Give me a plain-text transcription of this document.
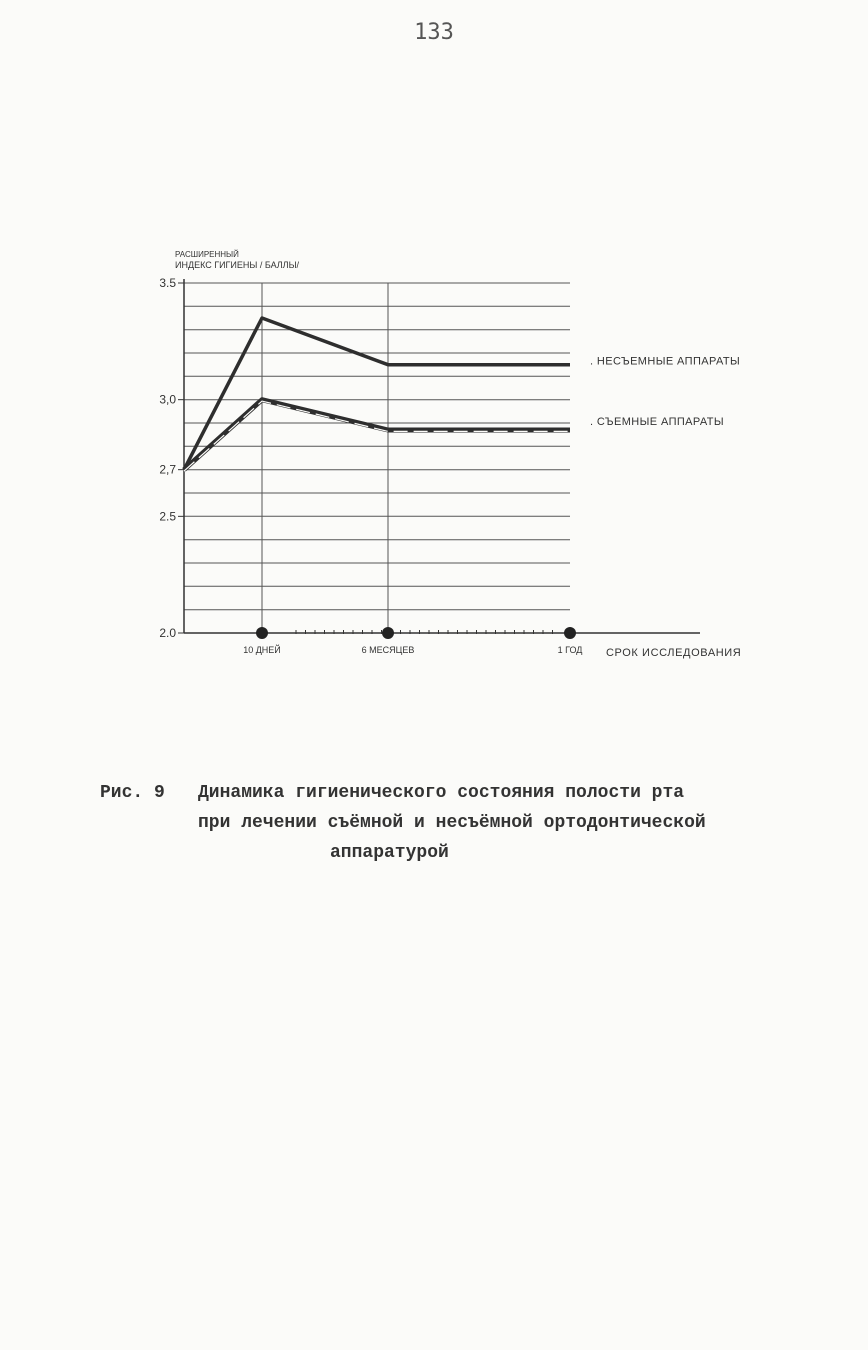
133
РАСШИРЕННЫЙ
ИНДЕКС ГИГИЕНЫ / БАЛЛЫ/
3.5
3,0
2,7
2.5
2.0
10 ДНЕЙ	6 МЕСЯЦЕВ	1 ГОД
. НЕСЪЕМНЫЕ АППАРАТЫ
. СЪЕМНЫЕ АППАРАТЫ
СРОК ИССЛЕДОВАНИЯ
Рис. 9 Динамика гигиенического состояния полости рта
при лечении съёмной и несъёмной ортодонтической
аппаратурой
